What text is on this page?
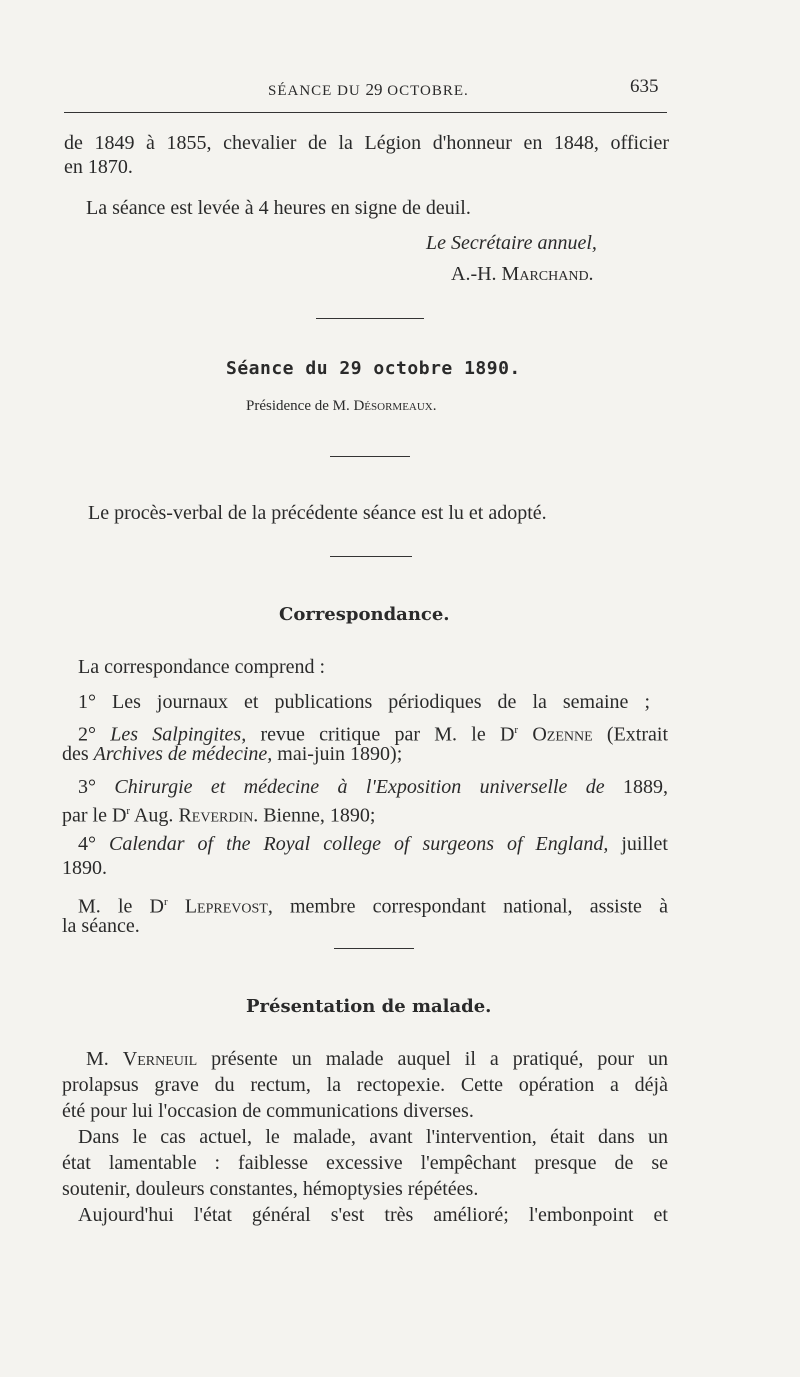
SÉANCE DU 29 OCTOBRE.	635
de 1849 à 1855, chevalier de la Légion d'honneur en 1848, officier
en 1870.
La séance est levée à 4 heures en signe de deuil.
Le Secrétaire annuel,
A.-H. Marchand.
Séance du 29 octobre 1890.
Présidence de M. Désormeaux.
Le procès-verbal de la précédente séance est lu et adopté.
Correspondance.
La correspondance comprend :
1° Les journaux et publications périodiques de la semaine ;
2° Les Salpingites, revue critique par M. le $D^r$ Ozenne (Extrait
des Archives de médecine, mai-juin 1890);
3° Chirurgie et médecine à l'Exposition universelle de 1889,
par le $D^r$ Aug. Reverdin. Bienne, 1890;
4° Calendar of the Royal college of surgeons of England, juillet
1890.
M. le $D^r$ Leprevost, membre correspondant national, assiste à
la séance.
Présentation de malade.
M. Verneuil présente un malade auquel il a pratiqué, pour un
prolapsus grave du rectum, la rectopexie. Cette opération a déjà
été pour lui l'occasion de communications diverses.
Dans le cas actuel, le malade, avant l'intervention, était dans un
état lamentable : faiblesse excessive l'empêchant presque de se
soutenir, douleurs constantes, hémoptysies répétées.
Aujourd'hui l'état général s'est très amélioré; l'embonpoint et
